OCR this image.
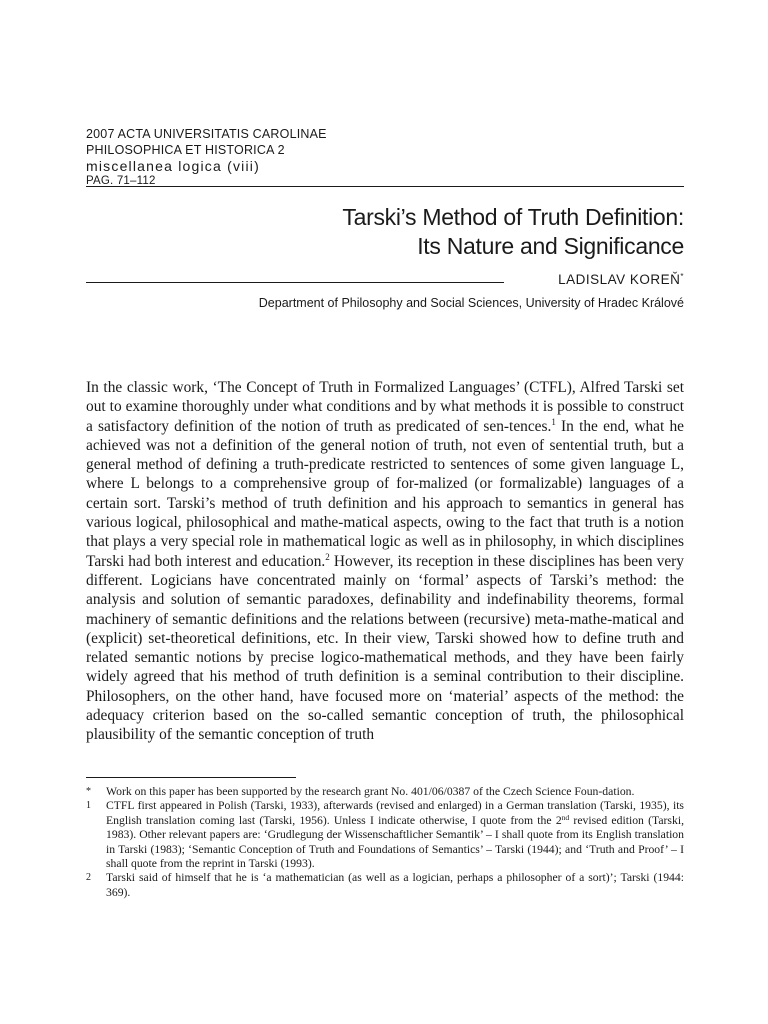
2007 ACTA UNIVERSITATIS CAROLINAE
PHILOSOPHICA ET HISTORICA 2
miscellanea logica (viii)
PAG. 71–112
Tarski’s Method of Truth Definition:
Its Nature and Significance
LADISLAV KOREŇ*
Department of Philosophy and Social Sciences, University of Hradec Králové

In the classic work, ‘The Concept of Truth in Formalized Languages’ (CTFL), Alfred Tarski set out to examine thoroughly under what conditions and by what methods it is possible to construct a satisfactory definition of the notion of truth as predicated of sen-tences.$^1$ In the end, what he achieved was not a definition of the general notion of truth, not even of sentential truth, but a general method of defining a truth-predicate restricted to sentences of some given language L, where L belongs to a comprehensive group of for-malized (or formalizable) languages of a certain sort. Tarski’s method of truth definition and his approach to semantics in general has various logical, philosophical and mathe-matical aspects, owing to the fact that truth is a notion that plays a very special role in mathematical logic as well as in philosophy, in which disciplines Tarski had both interest and education.$^2$ However, its reception in these disciplines has been very different. Logicians have concentrated mainly on ‘formal’ aspects of Tarski’s method: the analysis and solution of semantic paradoxes, definability and indefinability theorems, formal machinery of semantic definitions and the relations between (recursive) meta-mathe-matical and (explicit) set-theoretical definitions, etc. In their view, Tarski showed how to define truth and related semantic notions by precise logico-mathematical methods, and they have been fairly widely agreed that his method of truth definition is a seminal contribution to their discipline. Philosophers, on the other hand, have focused more on ‘material’ aspects of the method: the adequacy criterion based on the so-called semantic conception of truth, the philosophical plausibility of the semantic conception of truth

* Work on this paper has been supported by the research grant No. 401/06/0387 of the Czech Science Foun-dation.
1 CTFL first appeared in Polish (Tarski, 1933), afterwards (revised and enlarged) in a German translation (Tarski, 1935), its English translation coming last (Tarski, 1956). Unless I indicate otherwise, I quote from the 2nd revised edition (Tarski, 1983). Other relevant papers are: ‘Grudlegung der Wissenschaftlicher Semantik’ – I shall quote from its English translation in Tarski (1983); ‘Semantic Conception of Truth and Foundations of Semantics’ – Tarski (1944); and ‘Truth and Proof’ – I shall quote from the reprint in Tarski (1993).
2 Tarski said of himself that he is ‘a mathematician (as well as a logician, perhaps a philosopher of a sort)’; Tarski (1944: 369).
